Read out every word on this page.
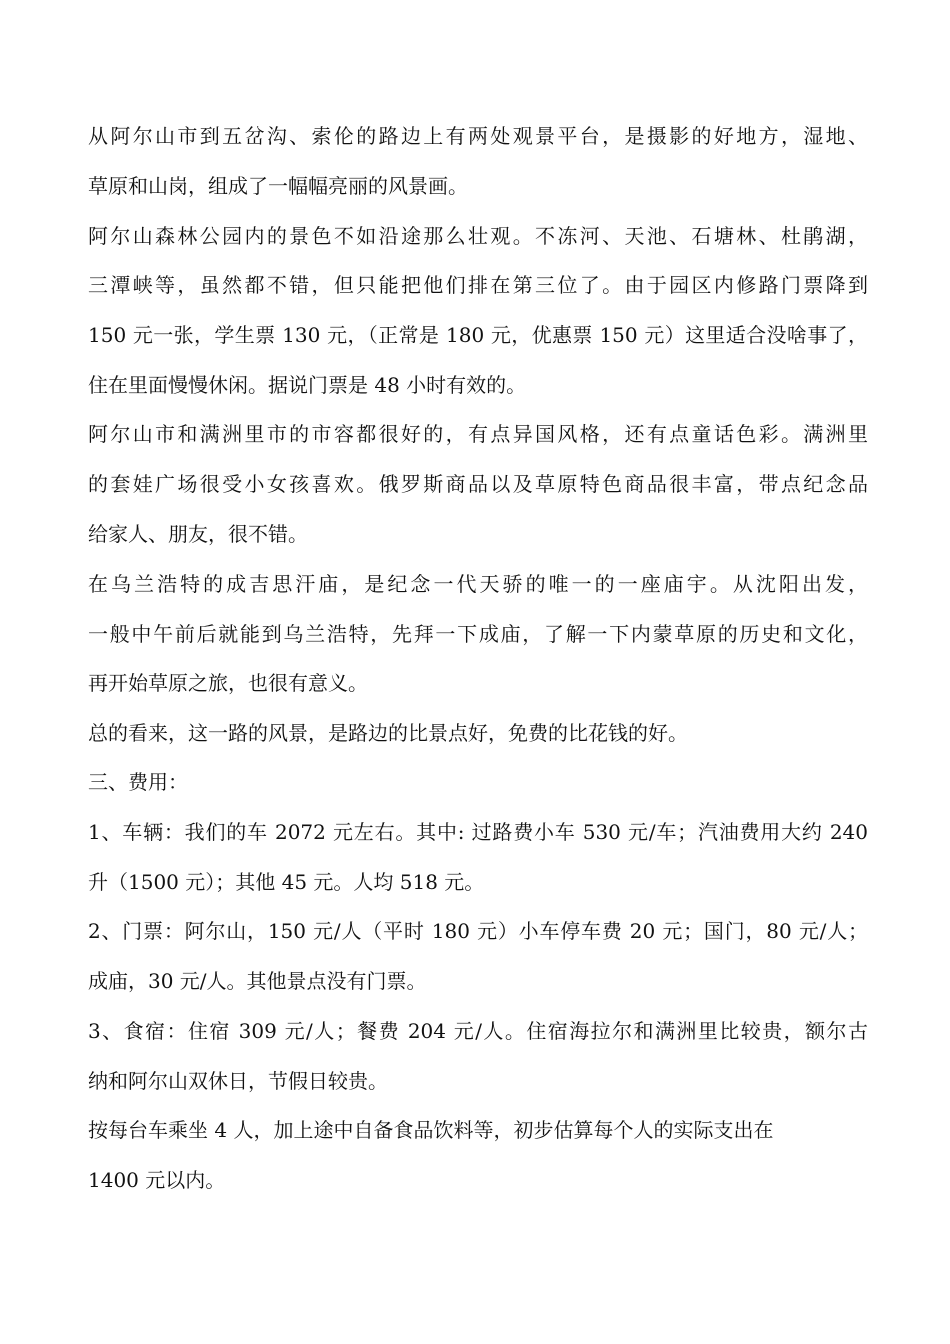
从阿尔山市到五岔沟、索伦的路边上有两处观景平台，是摄影的好地方，湿地、
草原和山岗，组成了一幅幅亮丽的风景画。
阿尔山森林公园内的景色不如沿途那么壮观。不冻河、天池、石塘林、杜鹃湖，
三潭峡等，虽然都不错，但只能把他们排在第三位了。由于园区内修路门票降到
150 元一张，学生票 130 元，（正常是 180 元，优惠票 150 元）这里适合没啥事了，
住在里面慢慢休闲。据说门票是 48 小时有效的。
阿尔山市和满洲里市的市容都很好的，有点异国风格，还有点童话色彩。满洲里
的套娃广场很受小女孩喜欢。俄罗斯商品以及草原特色商品很丰富，带点纪念品
给家人、朋友，很不错。
在乌兰浩特的成吉思汗庙，是纪念一代天骄的唯一的一座庙宇。从沈阳出发，
一般中午前后就能到乌兰浩特，先拜一下成庙，了解一下内蒙草原的历史和文化，
再开始草原之旅，也很有意义。
总的看来，这一路的风景，是路边的比景点好，免费的比花钱的好。
三、费用：
1、车辆：我们的车 2072 元左右。其中: 过路费小车 530 元/车；汽油费用大约 240
升（1500 元）；其他 45 元。人均 518 元。
2、门票：阿尔山，150 元/人（平时 180 元）小车停车费 20 元；国门，80 元/人；
成庙，30 元/人。其他景点没有门票。
3、食宿：住宿 309 元/人；餐费 204 元/人。住宿海拉尔和满洲里比较贵，额尔古
纳和阿尔山双休日，节假日较贵。
按每台车乘坐 4 人，加上途中自备食品饮料等，初步估算每个人的实际支出在
1400 元以内。
